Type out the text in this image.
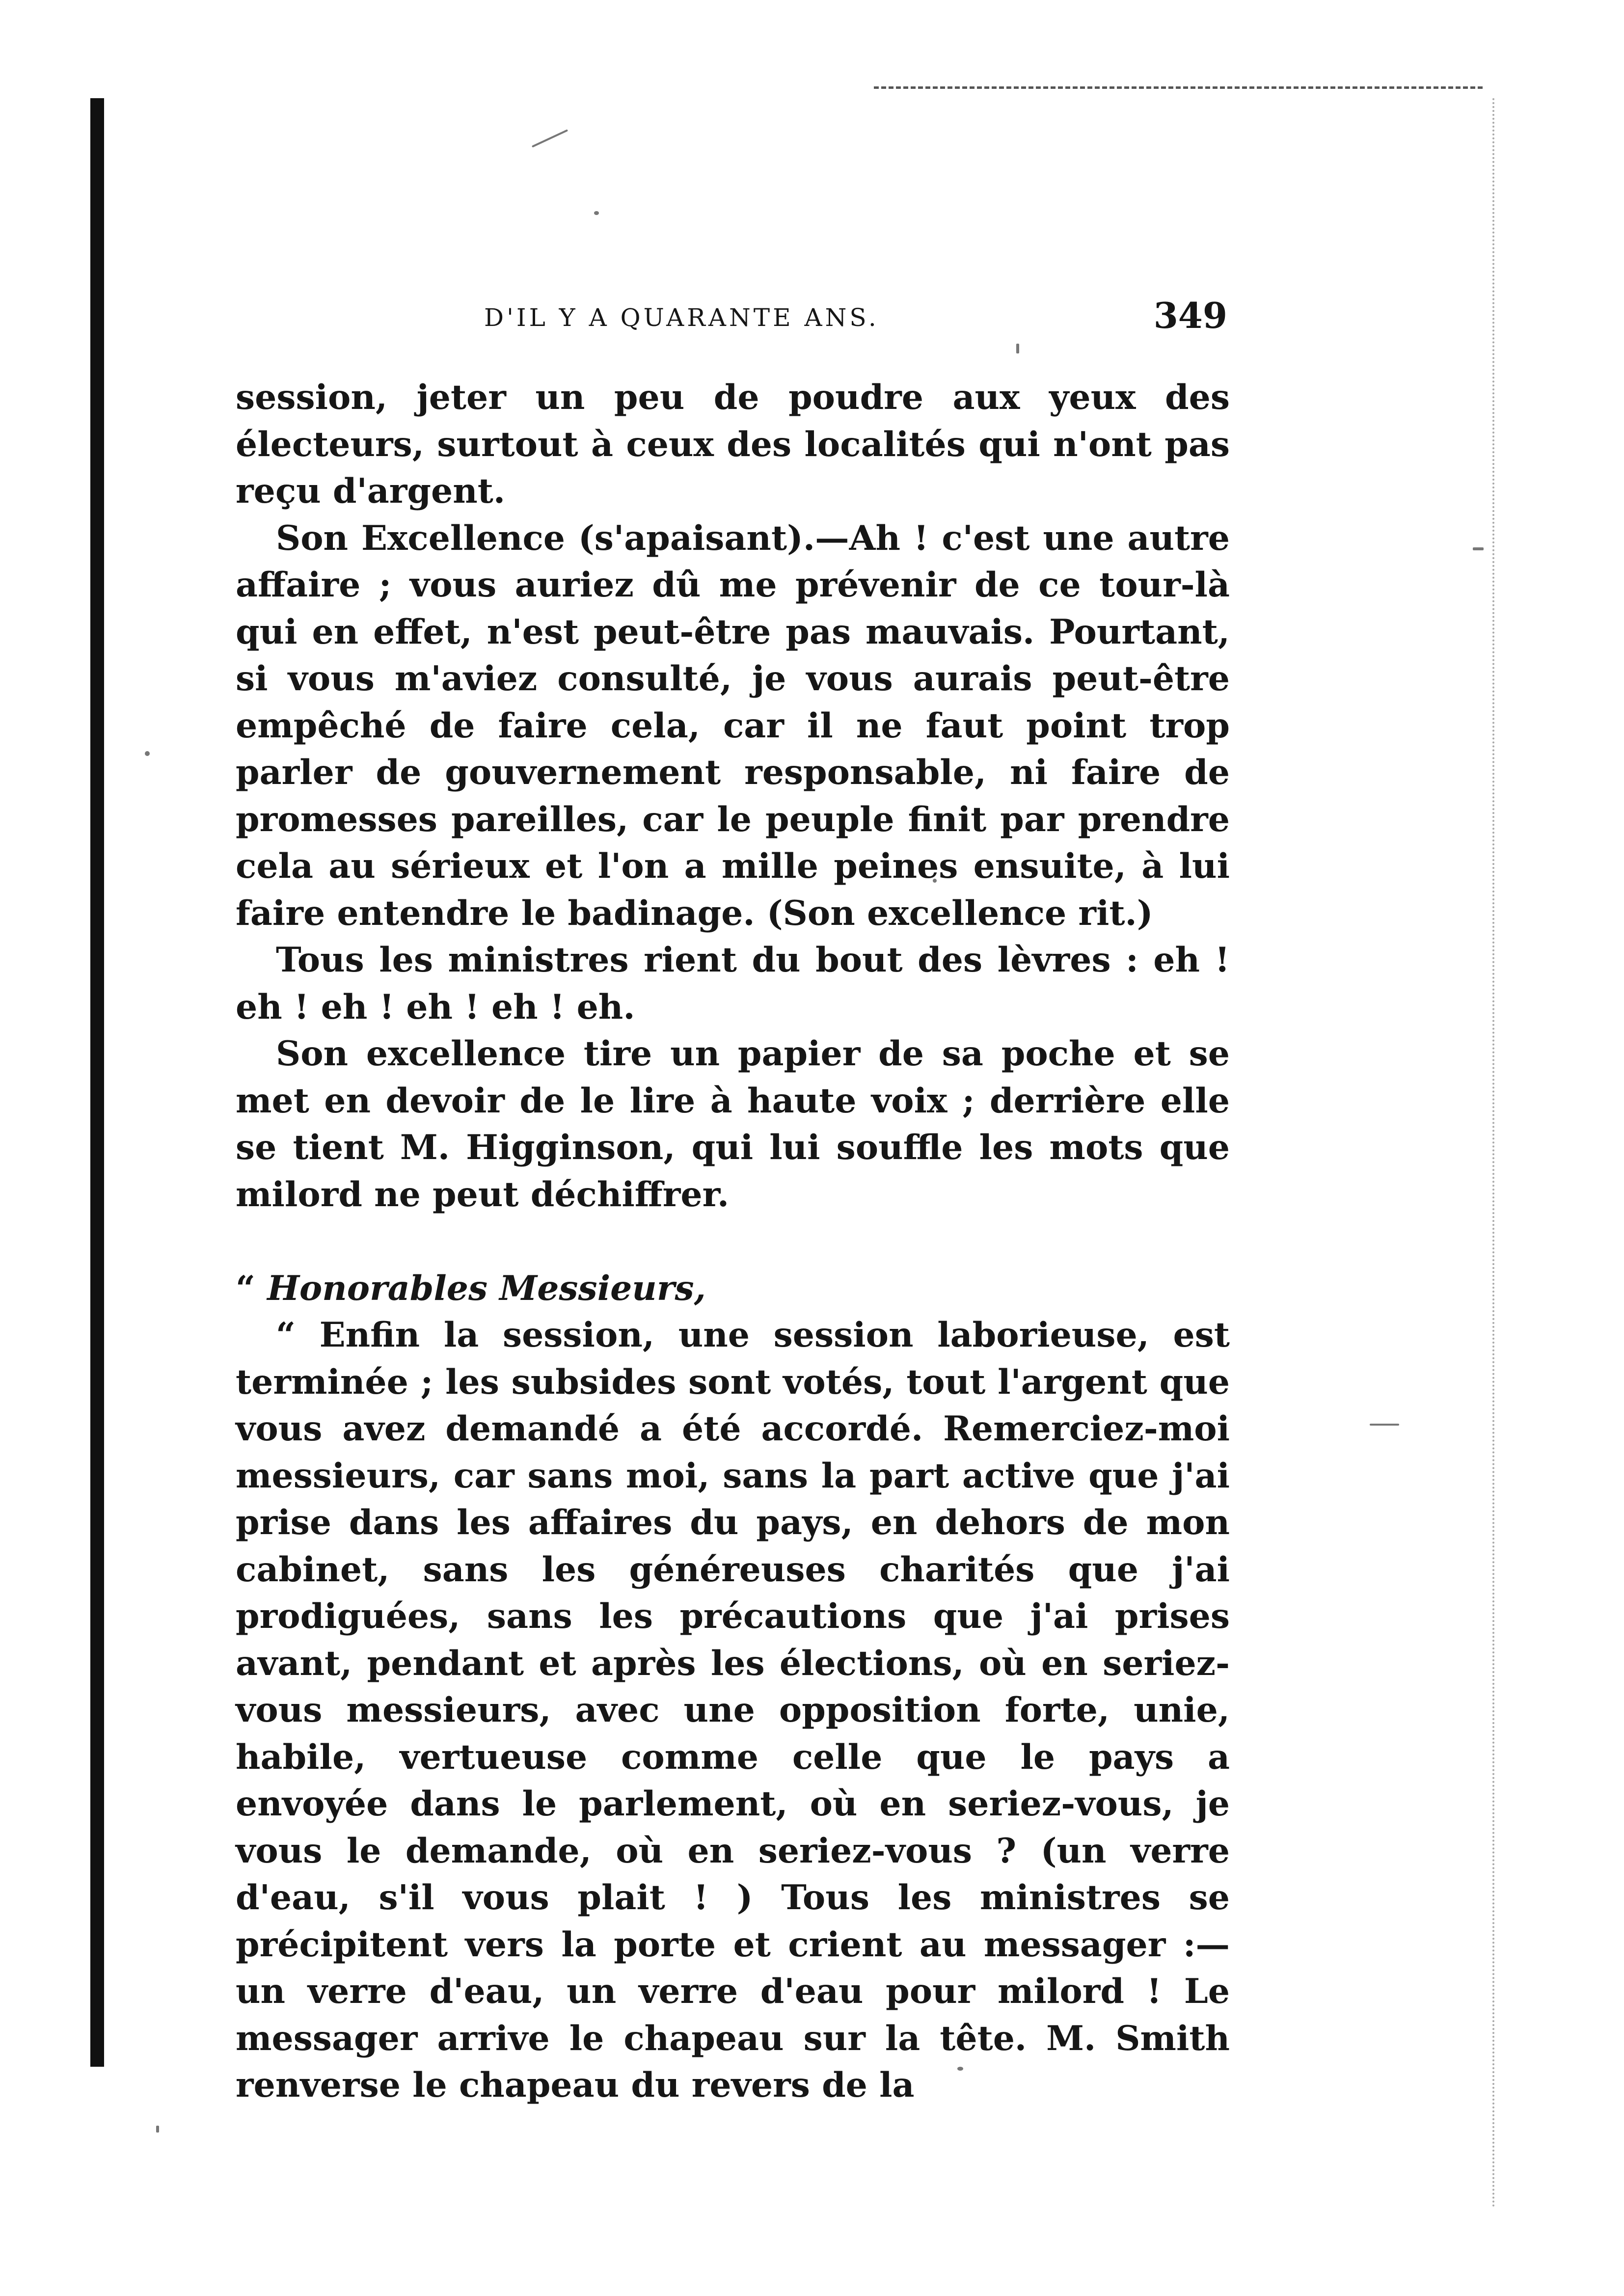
D'IL Y A QUARANTE ANS.	349

session, jeter un peu de poudre aux yeux des électeurs, surtout à ceux des localités qui n'ont pas reçu d'argent.

Son Excellence (s'apaisant).—Ah ! c'est une autre affaire ; vous auriez dû me prévenir de ce tour-là qui en effet, n'est peut-être pas mauvais. Pourtant, si vous m'aviez consulté, je vous aurais peut-être empêché de faire cela, car il ne faut point trop parler de gouvernement responsable, ni faire de promesses pareilles, car le peuple finit par prendre cela au sérieux et l'on a mille peines ensuite, à lui faire entendre le badinage. (Son excellence rit.)

Tous les ministres rient du bout des lèvres : eh ! eh ! eh ! eh ! eh ! eh.

Son excellence tire un papier de sa poche et se met en devoir de le lire à haute voix ; derrière elle se tient M. Higginson, qui lui souffle les mots que milord ne peut déchiffrer.

“ Honorables Messieurs,

“ Enfin la session, une session laborieuse, est terminée ; les subsides sont votés, tout l'argent que vous avez demandé a été accordé. Remerciez-moi messieurs, car sans moi, sans la part active que j'ai prise dans les affaires du pays, en dehors de mon cabinet, sans les généreuses charités que j'ai prodiguées, sans les précautions que j'ai prises avant, pendant et après les élections, où en seriez-vous messieurs, avec une opposition forte, unie, habile, vertueuse comme celle que le pays a envoyée dans le parlement, où en seriez-vous, je vous le demande, où en seriez-vous ? (un verre d'eau, s'il vous plait ! ) Tous les ministres se précipitent vers la porte et crient au messager :—un verre d'eau, un verre d'eau pour milord ! Le messager arrive le chapeau sur la tête. M. Smith renverse le chapeau du revers de la
